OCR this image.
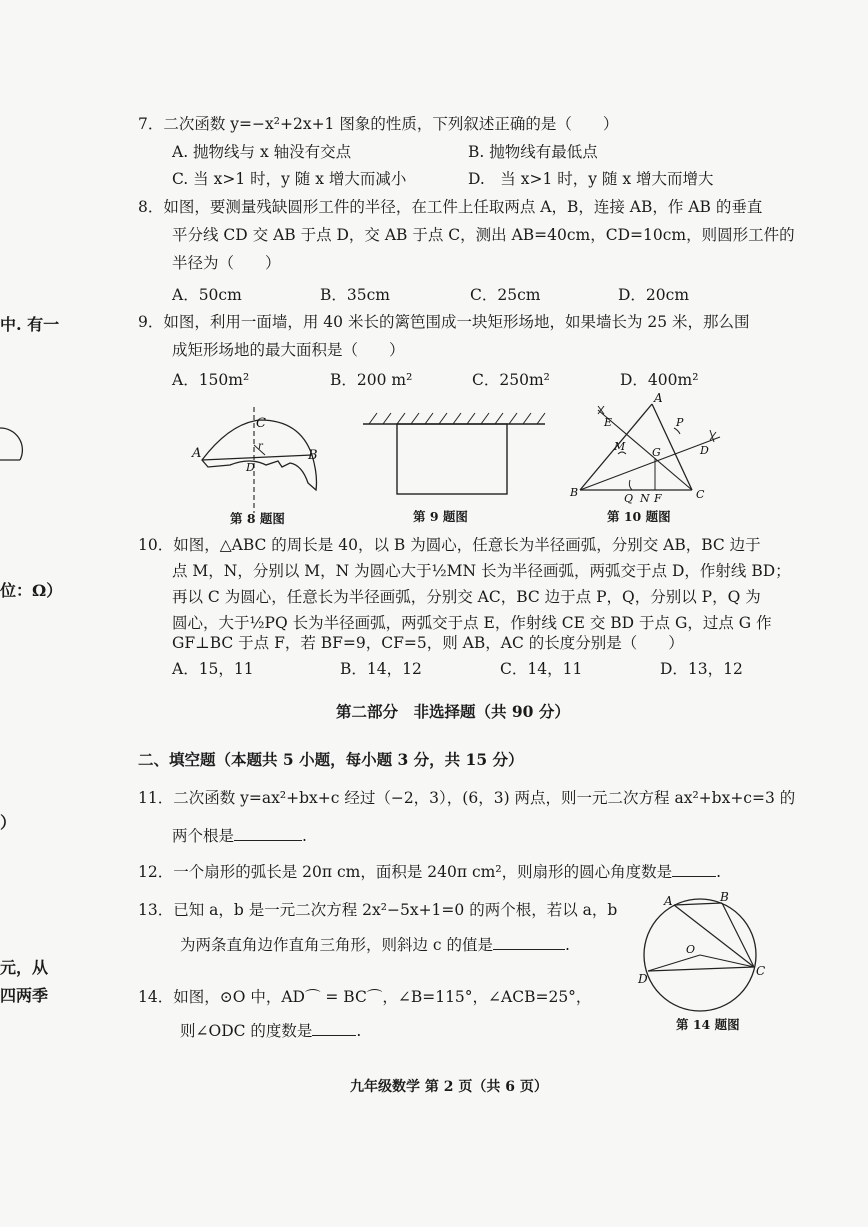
中. 有一
位：Ω）
）
元，从
四两季
7．二次函数 y=−x²+2x+1 图象的性质，下列叙述正确的是（　　）
A. 抛物线与 x 轴没有交点	B. 抛物线有最低点
C. 当 x>1 时，y 随 x 增大而减小	D.　当 x>1 时，y 随 x 增大而增大
8．如图，要测量残缺圆形工件的半径，在工件上任取两点 A，B，连接 AB，作 AB 的垂直
平分线 CD 交 AB 于点 D，交 AB 于点 C，测出 AB=40cm，CD=10cm，则圆形工件的
半径为（　　）
A．50cm	B．35cm	C．25cm	D．20cm
9．如图，利用一面墙，用 40 米长的篱笆围成一块矩形场地，如果墙长为 25 米，那么围
成矩形场地的最大面积是（　　）
A．150m²	B．200 m²	C．250m²	D．400m²
C
r
A
D
B
第 8 题图	第 9 题图
A
E	P
M G	D
B	Q N F	C
第 10 题图
10．如图，△ABC 的周长是 40，以 B 为圆心，任意长为半径画弧，分别交 AB，BC 边于
点 M，N，分别以 M，N 为圆心大于½MN 长为半径画弧，两弧交于点 D，作射线 BD；
再以 C 为圆心，任意长为半径画弧，分别交 AC，BC 边于点 P，Q，分别以 P，Q 为
圆心，大于½PQ 长为半径画弧，两弧交于点 E，作射线 CE 交 BD 于点 G，过点 G 作
GF⊥BC 于点 F，若 BF=9，CF=5，则 AB，AC 的长度分别是（　　）
A．15，11	B．14，12	C．14，11	D．13，12
第二部分　非选择题（共 90 分）
二、填空题（本题共 5 小题，每小题 3 分，共 15 分）
11．二次函数 y=ax²+bx+c 经过（−2，3），(6，3) 两点，则一元二次方程 ax²+bx+c=3 的
两个根是	.
12．一个扇形的弧长是 20π cm，面积是 240π cm²，则扇形的圆心角度数是	.
13．已知 a，b 是一元二次方程 2x²−5x+1=0 的两个根，若以 a，b
为两条直角边作直角三角形，则斜边 c 的值是	.
14．如图，⊙O 中，AD⌒ = BC⌒，∠B=115°，∠ACB=25°，
则∠ODC 的度数是	.
A	B
O
D
C
第 14 题图
九年级数学 第 2 页（共 6 页）
